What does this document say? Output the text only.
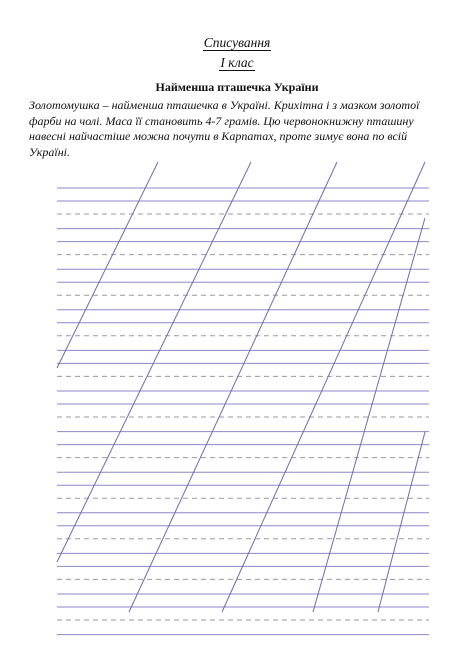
Списування
І клас
Найменша пташечка України
Золотомушка – найменша пташечка в Україні. Крихітна і з мазком золотої
фарби на чолі. Маса її становить 4-7 грамів. Цю червонокнижну пташину
навесні найчастіше можна почути в Карпатах, проте зимує вона по всій
Україні.
